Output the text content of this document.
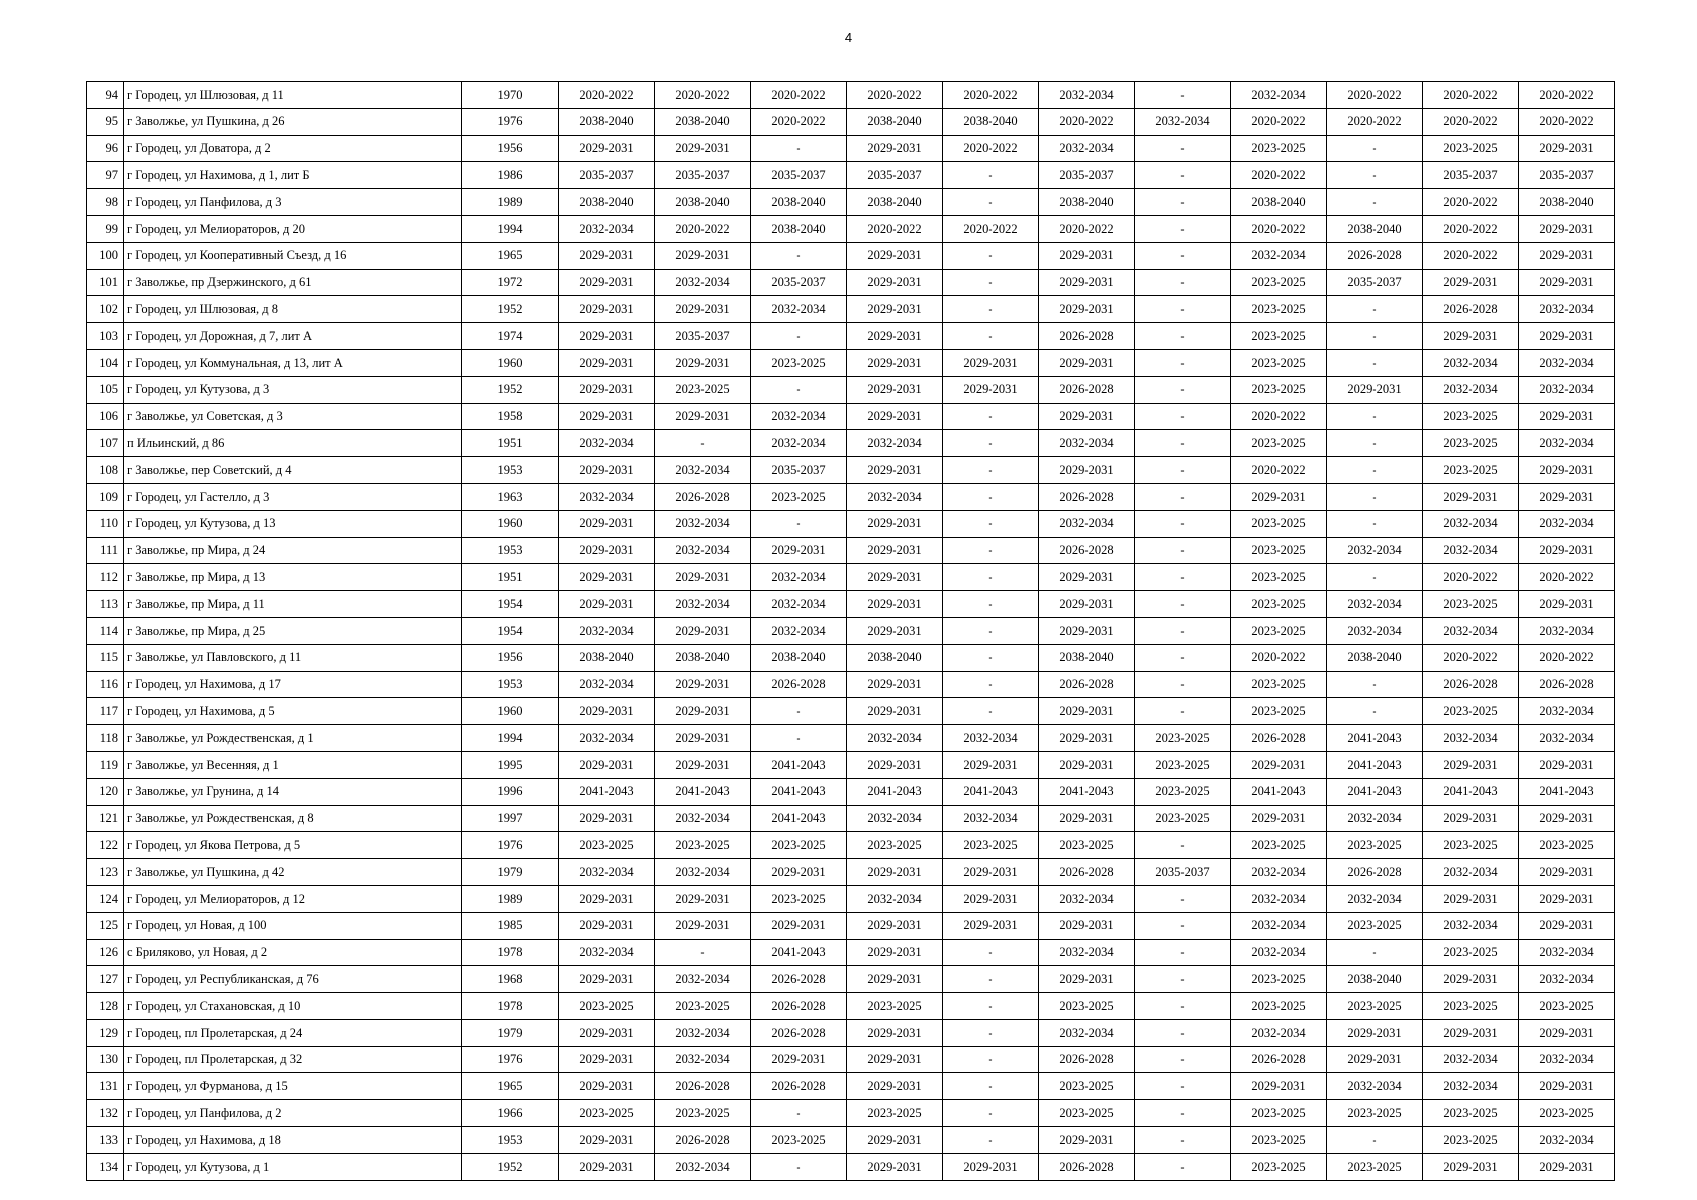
4
94	г Городец, ул Шлюзовая, д 11	1970	2020-2022	2020-2022	2020-2022	2020-2022	2020-2022	2032-2034	-	2032-2034	2020-2022	2020-2022	2020-2022
95	г Заволжье, ул Пушкина, д 26	1976	2038-2040	2038-2040	2020-2022	2038-2040	2038-2040	2020-2022	2032-2034	2020-2022	2020-2022	2020-2022	2020-2022
96	г Городец, ул Доватора, д 2	1956	2029-2031	2029-2031	-	2029-2031	2020-2022	2032-2034	-	2023-2025	-	2023-2025	2029-2031
97	г Городец, ул Нахимова, д 1, лит Б	1986	2035-2037	2035-2037	2035-2037	2035-2037	-	2035-2037	-	2020-2022	-	2035-2037	2035-2037
98	г Городец, ул Панфилова, д 3	1989	2038-2040	2038-2040	2038-2040	2038-2040	-	2038-2040	-	2038-2040	-	2020-2022	2038-2040
99	г Городец, ул Мелиораторов, д 20	1994	2032-2034	2020-2022	2038-2040	2020-2022	2020-2022	2020-2022	-	2020-2022	2038-2040	2020-2022	2029-2031
100	г Городец, ул Кооперативный Съезд, д 16	1965	2029-2031	2029-2031	-	2029-2031	-	2029-2031	-	2032-2034	2026-2028	2020-2022	2029-2031
101	г Заволжье, пр Дзержинского, д 61	1972	2029-2031	2032-2034	2035-2037	2029-2031	-	2029-2031	-	2023-2025	2035-2037	2029-2031	2029-2031
102	г Городец, ул Шлюзовая, д 8	1952	2029-2031	2029-2031	2032-2034	2029-2031	-	2029-2031	-	2023-2025	-	2026-2028	2032-2034
103	г Городец, ул Дорожная, д 7, лит А	1974	2029-2031	2035-2037	-	2029-2031	-	2026-2028	-	2023-2025	-	2029-2031	2029-2031
104	г Городец, ул Коммунальная, д 13, лит А	1960	2029-2031	2029-2031	2023-2025	2029-2031	2029-2031	2029-2031	-	2023-2025	-	2032-2034	2032-2034
105	г Городец, ул Кутузова, д 3	1952	2029-2031	2023-2025	-	2029-2031	2029-2031	2026-2028	-	2023-2025	2029-2031	2032-2034	2032-2034
106	г Заволжье, ул Советская, д 3	1958	2029-2031	2029-2031	2032-2034	2029-2031	-	2029-2031	-	2020-2022	-	2023-2025	2029-2031
107	п Ильинский, д 86	1951	2032-2034	-	2032-2034	2032-2034	-	2032-2034	-	2023-2025	-	2023-2025	2032-2034
108	г Заволжье, пер Советский, д 4	1953	2029-2031	2032-2034	2035-2037	2029-2031	-	2029-2031	-	2020-2022	-	2023-2025	2029-2031
109	г Городец, ул Гастелло, д 3	1963	2032-2034	2026-2028	2023-2025	2032-2034	-	2026-2028	-	2029-2031	-	2029-2031	2029-2031
110	г Городец, ул Кутузова, д 13	1960	2029-2031	2032-2034	-	2029-2031	-	2032-2034	-	2023-2025	-	2032-2034	2032-2034
111	г Заволжье, пр Мира, д 24	1953	2029-2031	2032-2034	2029-2031	2029-2031	-	2026-2028	-	2023-2025	2032-2034	2032-2034	2029-2031
112	г Заволжье, пр Мира, д 13	1951	2029-2031	2029-2031	2032-2034	2029-2031	-	2029-2031	-	2023-2025	-	2020-2022	2020-2022
113	г Заволжье, пр Мира, д 11	1954	2029-2031	2032-2034	2032-2034	2029-2031	-	2029-2031	-	2023-2025	2032-2034	2023-2025	2029-2031
114	г Заволжье, пр Мира, д 25	1954	2032-2034	2029-2031	2032-2034	2029-2031	-	2029-2031	-	2023-2025	2032-2034	2032-2034	2032-2034
115	г Заволжье, ул Павловского, д 11	1956	2038-2040	2038-2040	2038-2040	2038-2040	-	2038-2040	-	2020-2022	2038-2040	2020-2022	2020-2022
116	г Городец, ул Нахимова, д 17	1953	2032-2034	2029-2031	2026-2028	2029-2031	-	2026-2028	-	2023-2025	-	2026-2028	2026-2028
117	г Городец, ул Нахимова, д 5	1960	2029-2031	2029-2031	-	2029-2031	-	2029-2031	-	2023-2025	-	2023-2025	2032-2034
118	г Заволжье, ул Рождественская, д 1	1994	2032-2034	2029-2031	-	2032-2034	2032-2034	2029-2031	2023-2025	2026-2028	2041-2043	2032-2034	2032-2034
119	г Заволжье, ул Весенняя, д 1	1995	2029-2031	2029-2031	2041-2043	2029-2031	2029-2031	2029-2031	2023-2025	2029-2031	2041-2043	2029-2031	2029-2031
120	г Заволжье, ул Грунина, д 14	1996	2041-2043	2041-2043	2041-2043	2041-2043	2041-2043	2041-2043	2023-2025	2041-2043	2041-2043	2041-2043	2041-2043
121	г Заволжье, ул Рождественская, д 8	1997	2029-2031	2032-2034	2041-2043	2032-2034	2032-2034	2029-2031	2023-2025	2029-2031	2032-2034	2029-2031	2029-2031
122	г Городец, ул Якова Петрова, д 5	1976	2023-2025	2023-2025	2023-2025	2023-2025	2023-2025	2023-2025	-	2023-2025	2023-2025	2023-2025	2023-2025
123	г Заволжье, ул Пушкина, д 42	1979	2032-2034	2032-2034	2029-2031	2029-2031	2029-2031	2026-2028	2035-2037	2032-2034	2026-2028	2032-2034	2029-2031
124	г Городец, ул Мелиораторов, д 12	1989	2029-2031	2029-2031	2023-2025	2032-2034	2029-2031	2032-2034	-	2032-2034	2032-2034	2029-2031	2029-2031
125	г Городец, ул Новая, д 100	1985	2029-2031	2029-2031	2029-2031	2029-2031	2029-2031	2029-2031	-	2032-2034	2023-2025	2032-2034	2029-2031
126	с Бриляково, ул Новая, д 2	1978	2032-2034	-	2041-2043	2029-2031	-	2032-2034	-	2032-2034	-	2023-2025	2032-2034
127	г Городец, ул Республиканская, д 76	1968	2029-2031	2032-2034	2026-2028	2029-2031	-	2029-2031	-	2023-2025	2038-2040	2029-2031	2032-2034
128	г Городец, ул Стахановская, д 10	1978	2023-2025	2023-2025	2026-2028	2023-2025	-	2023-2025	-	2023-2025	2023-2025	2023-2025	2023-2025
129	г Городец, пл Пролетарская, д 24	1979	2029-2031	2032-2034	2026-2028	2029-2031	-	2032-2034	-	2032-2034	2029-2031	2029-2031	2029-2031
130	г Городец, пл Пролетарская, д 32	1976	2029-2031	2032-2034	2029-2031	2029-2031	-	2026-2028	-	2026-2028	2029-2031	2032-2034	2032-2034
131	г Городец, ул Фурманова, д 15	1965	2029-2031	2026-2028	2026-2028	2029-2031	-	2023-2025	-	2029-2031	2032-2034	2032-2034	2029-2031
132	г Городец, ул Панфилова, д 2	1966	2023-2025	2023-2025	-	2023-2025	-	2023-2025	-	2023-2025	2023-2025	2023-2025	2023-2025
133	г Городец, ул Нахимова, д 18	1953	2029-2031	2026-2028	2023-2025	2029-2031	-	2029-2031	-	2023-2025	-	2023-2025	2032-2034
134	г Городец, ул Кутузова, д 1	1952	2029-2031	2032-2034	-	2029-2031	2029-2031	2026-2028	-	2023-2025	2023-2025	2029-2031	2029-2031
